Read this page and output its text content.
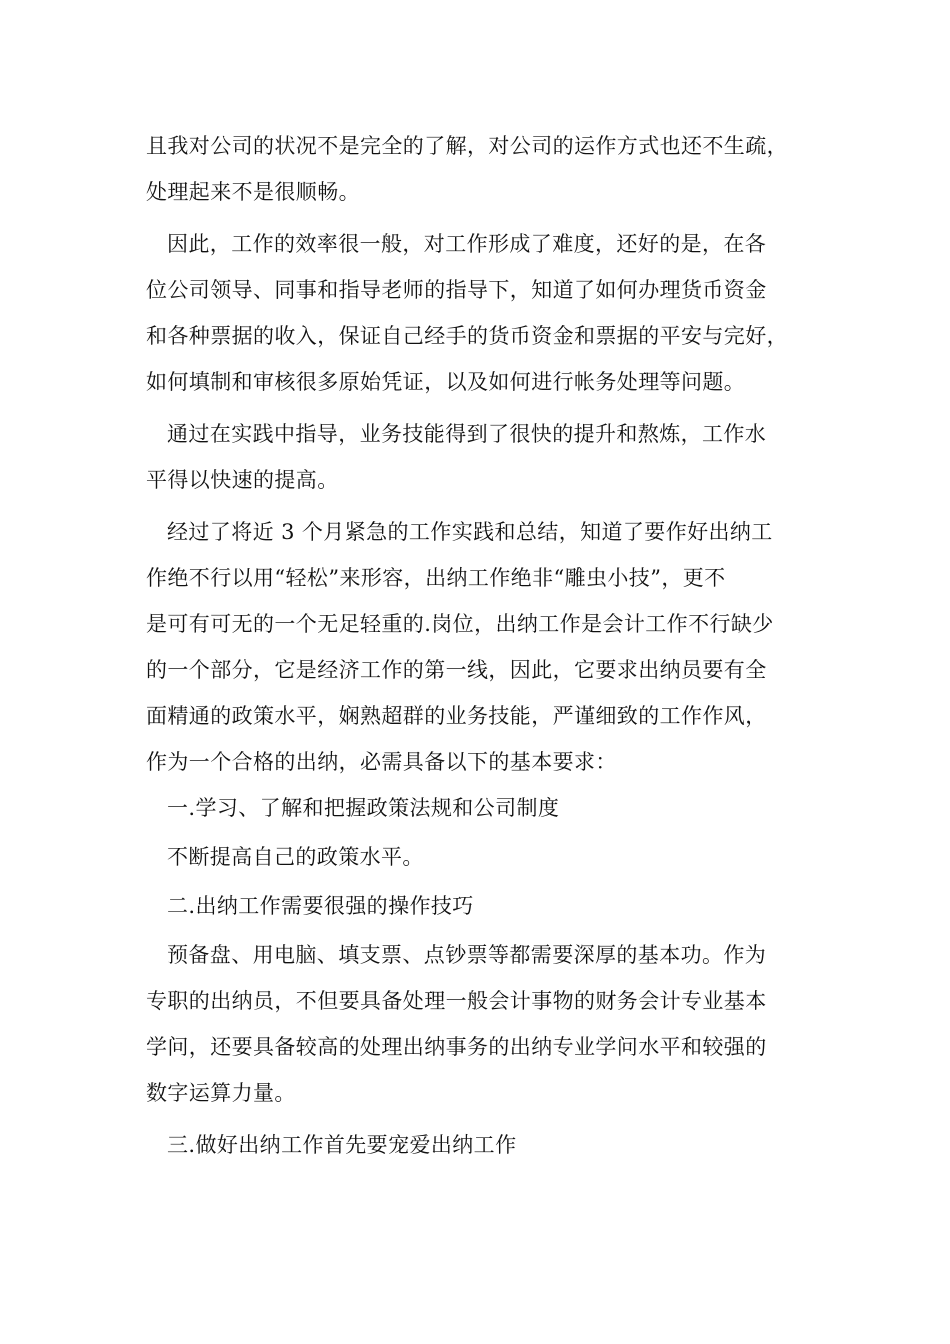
且我对公司的状况不是完全的了解，对公司的运作方式也还不生疏，
处理起来不是很顺畅。
因此，工作的效率很一般，对工作形成了难度，还好的是，在各
位公司领导、同事和指导老师的指导下，知道了如何办理货币资金
和各种票据的收入，保证自己经手的货币资金和票据的平安与完好，
如何填制和审核很多原始凭证，以及如何进行帐务处理等问题。
通过在实践中指导，业务技能得到了很快的提升和熬炼，工作水
平得以快速的提高。
经过了将近 3 个月紧急的工作实践和总结，知道了要作好出纳工
作绝不行以用“轻松”来形容，出纳工作绝非“雕虫小技”，更不
是可有可无的一个无足轻重的.岗位，出纳工作是会计工作不行缺少
的一个部分，它是经济工作的第一线，因此，它要求出纳员要有全
面精通的政策水平，娴熟超群的业务技能，严谨细致的工作作风，
作为一个合格的出纳，必需具备以下的基本要求：
一.学习、了解和把握政策法规和公司制度
不断提高自己的政策水平。
二.出纳工作需要很强的操作技巧
预备盘、用电脑、填支票、点钞票等都需要深厚的基本功。作为
专职的出纳员，不但要具备处理一般会计事物的财务会计专业基本
学问，还要具备较高的处理出纳事务的出纳专业学问水平和较强的
数字运算力量。
三.做好出纳工作首先要宠爱出纳工作
